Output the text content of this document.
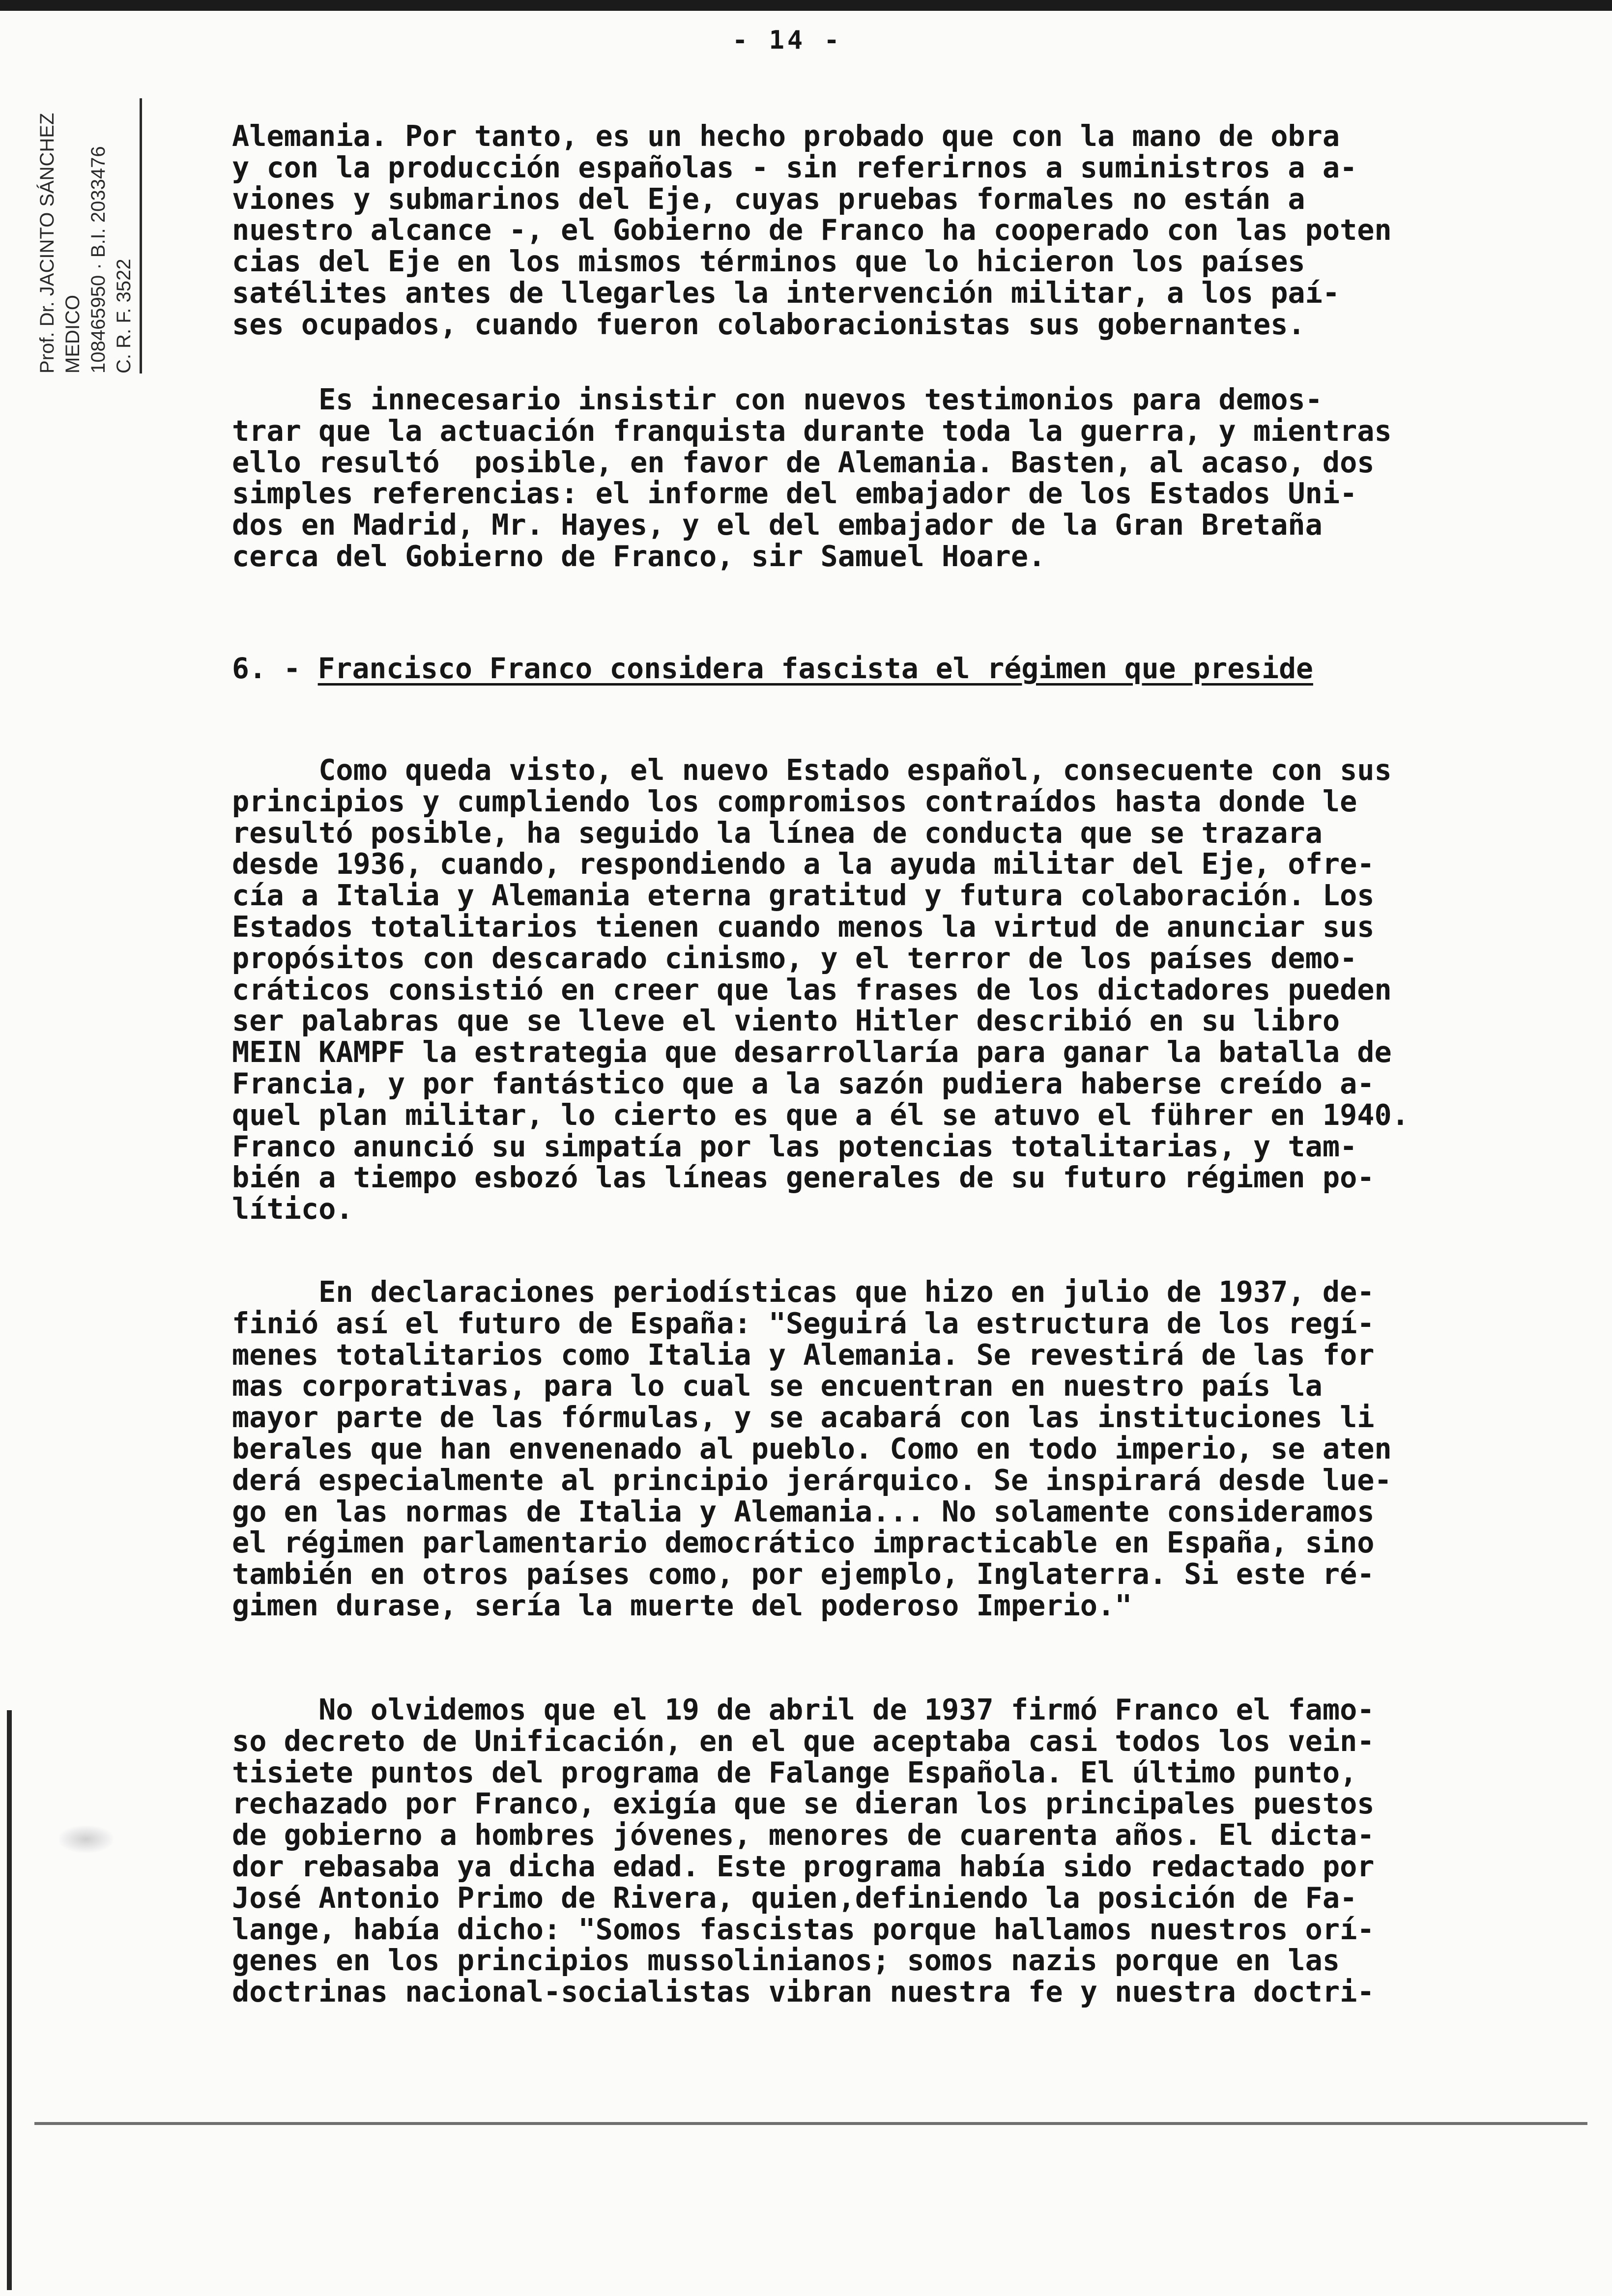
- 14 -
Prof. Dr. JACINTO SÁNCHEZ MEDICO 108465950 · B.I. 2033476 C. R. F. 3522
Alemania. Por tanto, es un hecho probado que con la mano de obra
y con la producción españolas - sin referirnos a suministros a a-
viones y submarinos del Eje, cuyas pruebas formales no están a
nuestro alcance -, el Gobierno de Franco ha cooperado con las poten
cias del Eje en los mismos términos que lo hicieron los países
satélites antes de llegarles la intervención militar, a los paí-
ses ocupados, cuando fueron colaboracionistas sus gobernantes.
Es innecesario insistir con nuevos testimonios para demos-
trar que la actuación franquista durante toda la guerra, y mientras
ello resultó  posible, en favor de Alemania. Basten, al acaso, dos
simples referencias: el informe del embajador de los Estados Uni-
dos en Madrid, Mr. Hayes, y el del embajador de la Gran Bretaña
cerca del Gobierno de Franco, sir Samuel Hoare.
6. - Francisco Franco considera fascista el régimen que preside
Como queda visto, el nuevo Estado español, consecuente con sus
principios y cumpliendo los compromisos contraídos hasta donde le
resultó posible, ha seguido la línea de conducta que se trazara
desde 1936, cuando, respondiendo a la ayuda militar del Eje, ofre-
cía a Italia y Alemania eterna gratitud y futura colaboración. Los
Estados totalitarios tienen cuando menos la virtud de anunciar sus
propósitos con descarado cinismo, y el terror de los países demo-
cráticos consistió en creer que las frases de los dictadores pueden
ser palabras que se lleve el viento Hitler describió en su libro
MEIN KAMPF la estrategia que desarrollaría para ganar la batalla de
Francia, y por fantástico que a la sazón pudiera haberse creído a-
quel plan militar, lo cierto es que a él se atuvo el führer en 1940.
Franco anunció su simpatía por las potencias totalitarias, y tam-
bién a tiempo esbozó las líneas generales de su futuro régimen po-
lítico.
En declaraciones periodísticas que hizo en julio de 1937, de-
finió así el futuro de España: "Seguirá la estructura de los regí-
menes totalitarios como Italia y Alemania. Se revestirá de las for
mas corporativas, para lo cual se encuentran en nuestro país la
mayor parte de las fórmulas, y se acabará con las instituciones li
berales que han envenenado al pueblo. Como en todo imperio, se aten
derá especialmente al principio jerárquico. Se inspirará desde lue-
go en las normas de Italia y Alemania... No solamente consideramos
el régimen parlamentario democrático impracticable en España, sino
también en otros países como, por ejemplo, Inglaterra. Si este ré-
gimen durase, sería la muerte del poderoso Imperio."
No olvidemos que el 19 de abril de 1937 firmó Franco el famo-
so decreto de Unificación, en el que aceptaba casi todos los vein-
tisiete puntos del programa de Falange Española. El último punto,
rechazado por Franco, exigía que se dieran los principales puestos
de gobierno a hombres jóvenes, menores de cuarenta años. El dicta-
dor rebasaba ya dicha edad. Este programa había sido redactado por
José Antonio Primo de Rivera, quien,definiendo la posición de Fa-
lange, había dicho: "Somos fascistas porque hallamos nuestros orí-
genes en los principios mussolinianos; somos nazis porque en las
doctrinas nacional-socialistas vibran nuestra fe y nuestra doctri-
